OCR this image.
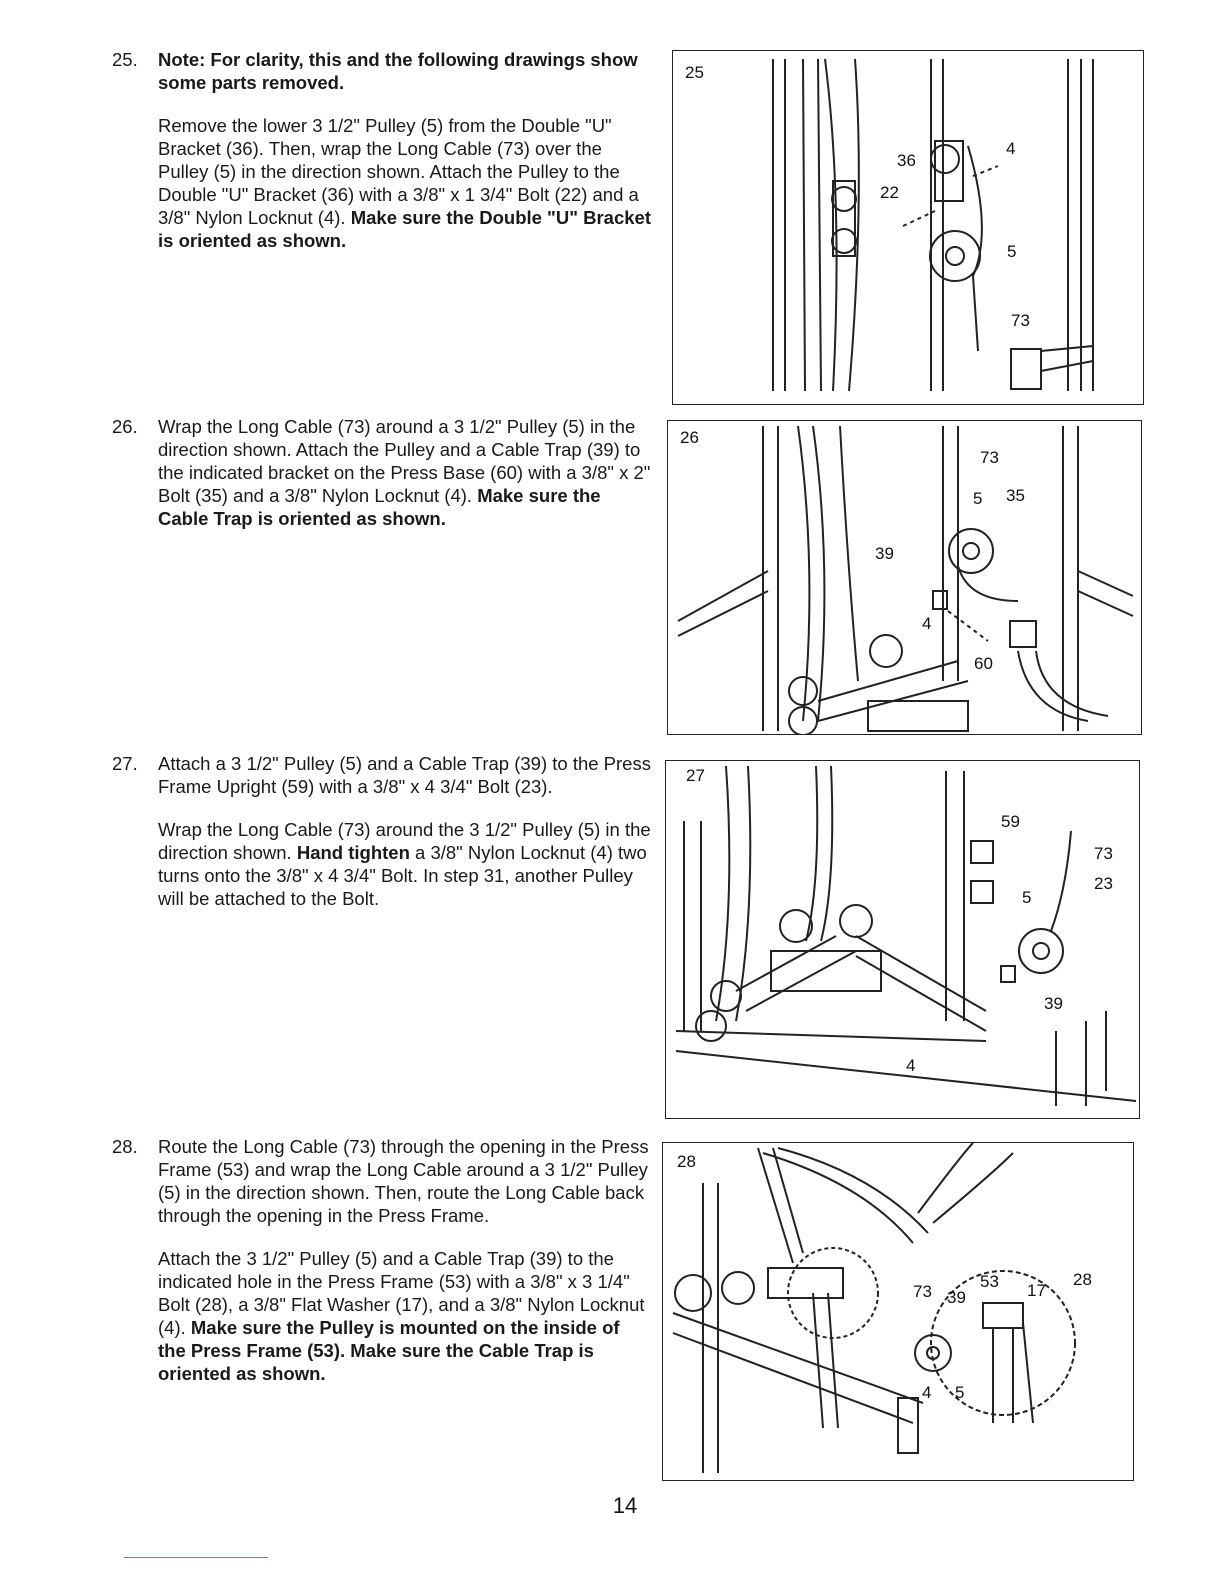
25.	Note: For clarity, this and the following drawings show some parts removed.

Remove the lower 3 1/2" Pulley (5) from the Double "U" Bracket (36). Then, wrap the Long Cable (73) over the Pulley (5) in the direction shown. Attach the Pulley to the Double "U" Bracket (36) with a 3/8" x 1 3/4" Bolt (22) and a 3/8" Nylon Locknut (4). Make sure the Double "U" Bracket is oriented as shown.

26.	Wrap the Long Cable (73) around a 3 1/2" Pulley (5) in the direction shown. Attach the Pulley and a Cable Trap (39) to the indicated bracket on the Press Base (60) with a 3/8" x 2" Bolt (35) and a 3/8" Nylon Locknut (4). Make sure the Cable Trap is oriented as shown.

27.	Attach a 3 1/2" Pulley (5) and a Cable Trap (39) to the Press Frame Upright (59) with a 3/8" x 4 3/4" Bolt (23).

Wrap the Long Cable (73) around the 3 1/2" Pulley (5) in the direction shown. Hand tighten a 3/8" Nylon Locknut (4) two turns onto the 3/8" x 4 3/4" Bolt. In step 31, another Pulley will be attached to the Bolt.

28.	Route the Long Cable (73) through the opening in the Press Frame (53) and wrap the Long Cable around a 3 1/2" Pulley (5) in the direction shown. Then, route the Long Cable back through the opening in the Press Frame.

Attach the 3 1/2" Pulley (5) and a Cable Trap (39) to the indicated hole in the Press Frame (53) with a 3/8" x 3 1/4" Bolt (28), a 3/8" Flat Washer (17), and a 3/8" Nylon Locknut (4). Make sure the Pulley is mounted on the inside of the Press Frame (53). Make sure the Cable Trap is oriented as shown.

25
36
4
22
5
73
26
73
5 35
39
4
60
27
59
73
5
23
39
4
28
73 39
53 17
28
4 5
14
